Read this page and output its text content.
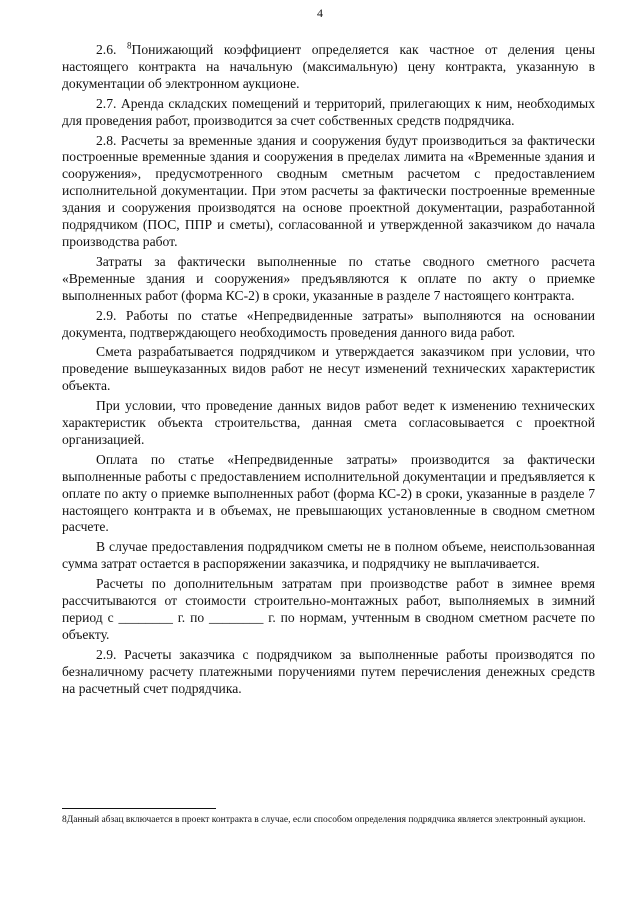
4

2.6. $^8$Понижающий коэффициент определяется как частное от деления цены настоящего контракта на начальную (максимальную) цену контракта, указанную в документации об электронном аукционе.

2.7. Аренда складских помещений и территорий, прилегающих к ним, необходимых для проведения работ, производится за счет собственных средств подрядчика.

2.8. Расчеты за временные здания и сооружения будут производиться за фактически построенные временные здания и сооружения в пределах лимита на «Временные здания и сооружения», предусмотренного сводным сметным расчетом с предоставлением исполнительной документации. При этом расчеты за фактически построенные временные здания и сооружения производятся на основе проектной документации, разработанной подрядчиком (ПОС, ППР и сметы), согласованной и утвержденной заказчиком до начала производства работ.

Затраты за фактически выполненные по статье сводного сметного расчета «Временные здания и сооружения» предъявляются к оплате по акту о приемке выполненных работ (форма КС-2) в сроки, указанные в разделе 7 настоящего контракта.

2.9. Работы по статье «Непредвиденные затраты» выполняются на основании документа, подтверждающего необходимость проведения данного вида работ.

Смета разрабатывается подрядчиком и утверждается заказчиком при условии, что проведение вышеуказанных видов работ не несут изменений технических характеристик объекта.

При условии, что проведение данных видов работ ведет к изменению технических характеристик объекта строительства, данная смета согласовывается с проектной организацией.

Оплата по статье «Непредвиденные затраты» производится за фактически выполненные работы с предоставлением исполнительной документации и предъявляется к оплате по акту о приемке выполненных работ (форма КС-2) в сроки, указанные в разделе 7 настоящего контракта и в объемах, не превышающих установленные в сводном сметном расчете.

В случае предоставления подрядчиком сметы не в полном объеме, неиспользованная сумма затрат остается в распоряжении заказчика, и подрядчику не выплачивается.

Расчеты по дополнительным затратам при производстве работ в зимнее время рассчитываются от стоимости строительно-монтажных работ, выполняемых в зимний период с ________ г. по ________ г. по нормам, учтенным в сводном сметном расчете по объекту.

2.9. Расчеты заказчика с подрядчиком за выполненные работы производятся по безналичному расчету платежными поручениями путем перечисления денежных средств на расчетный счет подрядчика.

8Данный абзац включается в проект контракта в случае, если способом определения подрядчика является электронный аукцион.
